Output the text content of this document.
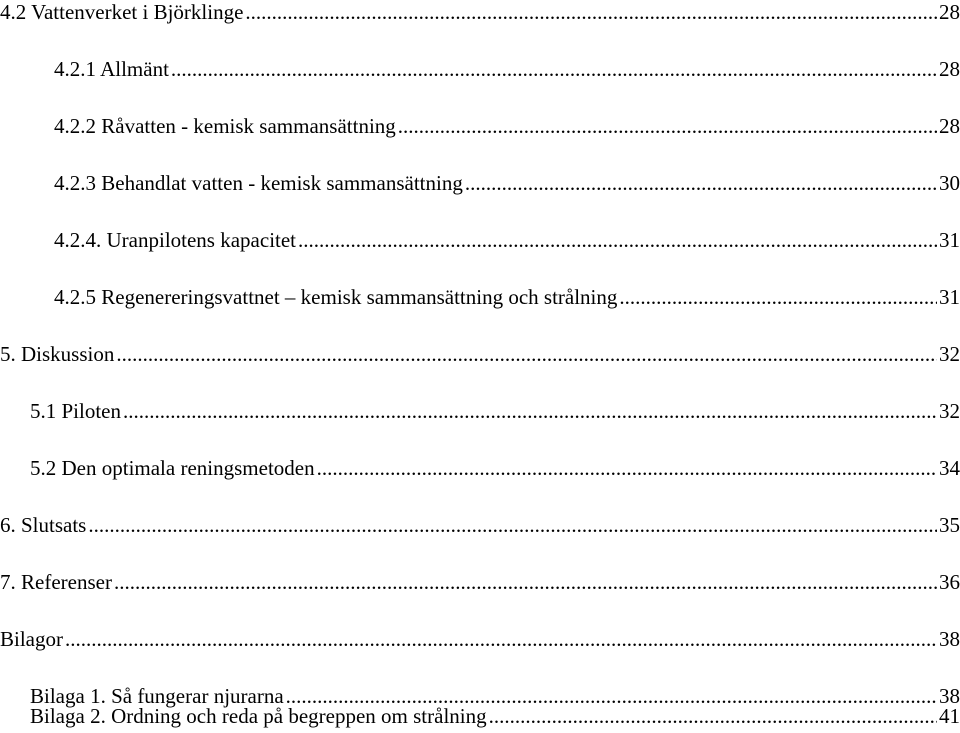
4.2 Vattenverket i Björklinge .....	28
4.2.1 Allmänt .....	28
4.2.2 Råvatten - kemisk sammansättning .....	28
4.2.3 Behandlat vatten - kemisk sammansättning .....	30
4.2.4. Uranpilotens kapacitet .....	31
4.2.5 Regenereringsvattnet – kemisk sammansättning och strålning .....	31
5. Diskussion .....	32
5.1 Piloten .....	32
5.2 Den optimala reningsmetoden .....	34
6. Slutsats .....	35
7. Referenser .....	36
Bilagor .....	38
Bilaga 1. Så fungerar njurarna .....	38
Bilaga 2. Ordning och reda på begreppen om strålning .....	41
